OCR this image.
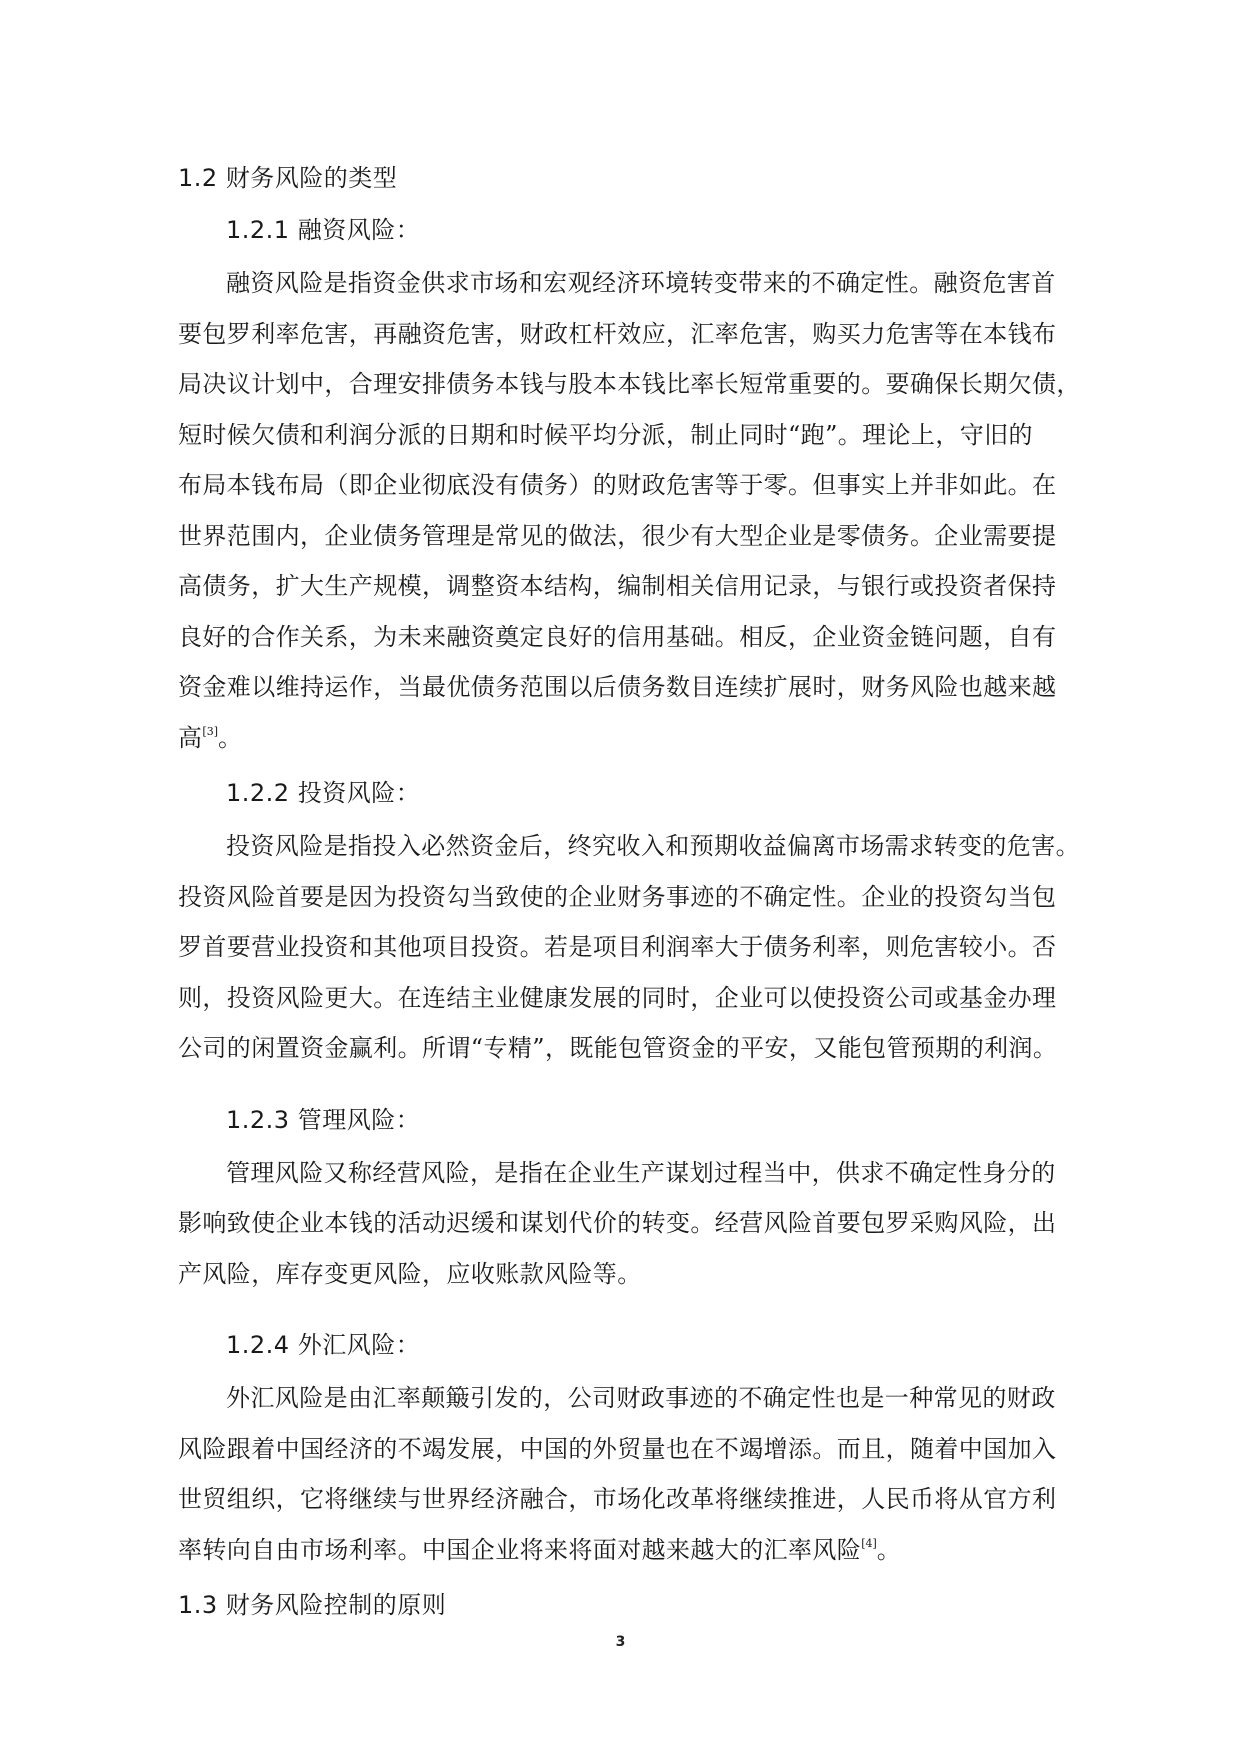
1.2 财务风险的类型
1.2.1 融资风险：
融资风险是指资金供求市场和宏观经济环境转变带来的不确定性。融资危害首
要包罗利率危害，再融资危害，财政杠杆效应，汇率危害，购买力危害等在本钱布
局决议计划中，合理安排债务本钱与股本本钱比率长短常重要的。要确保长期欠债，
短时候欠债和利润分派的日期和时候平均分派，制止同时“跑”。理论上，守旧的
布局本钱布局（即企业彻底没有债务）的财政危害等于零。但事实上并非如此。在
世界范围内，企业债务管理是常见的做法，很少有大型企业是零债务。企业需要提
高债务，扩大生产规模，调整资本结构，编制相关信用记录，与银行或投资者保持
良好的合作关系，为未来融资奠定良好的信用基础。相反，企业资金链问题，自有
资金难以维持运作，当最优债务范围以后债务数目连续扩展时，财务风险也越来越
高[3]。
1.2.2 投资风险：
投资风险是指投入必然资金后，终究收入和预期收益偏离市场需求转变的危害。
投资风险首要是因为投资勾当致使的企业财务事迹的不确定性。企业的投资勾当包
罗首要营业投资和其他项目投资。若是项目利润率大于债务利率，则危害较小。否
则，投资风险更大。在连结主业健康发展的同时，企业可以使投资公司或基金办理
公司的闲置资金赢利。所谓“专精”，既能包管资金的平安，又能包管预期的利润。
1.2.3 管理风险：
管理风险又称经营风险，是指在企业生产谋划过程当中，供求不确定性身分的
影响致使企业本钱的活动迟缓和谋划代价的转变。经营风险首要包罗采购风险，出
产风险，库存变更风险，应收账款风险等。
1.2.4 外汇风险：
外汇风险是由汇率颠簸引发的，公司财政事迹的不确定性也是一种常见的财政
风险跟着中国经济的不竭发展，中国的外贸量也在不竭增添。而且，随着中国加入
世贸组织，它将继续与世界经济融合，市场化改革将继续推进，人民币将从官方利
率转向自由市场利率。中国企业将来将面对越来越大的汇率风险[4]。
1.3 财务风险控制的原则
3
